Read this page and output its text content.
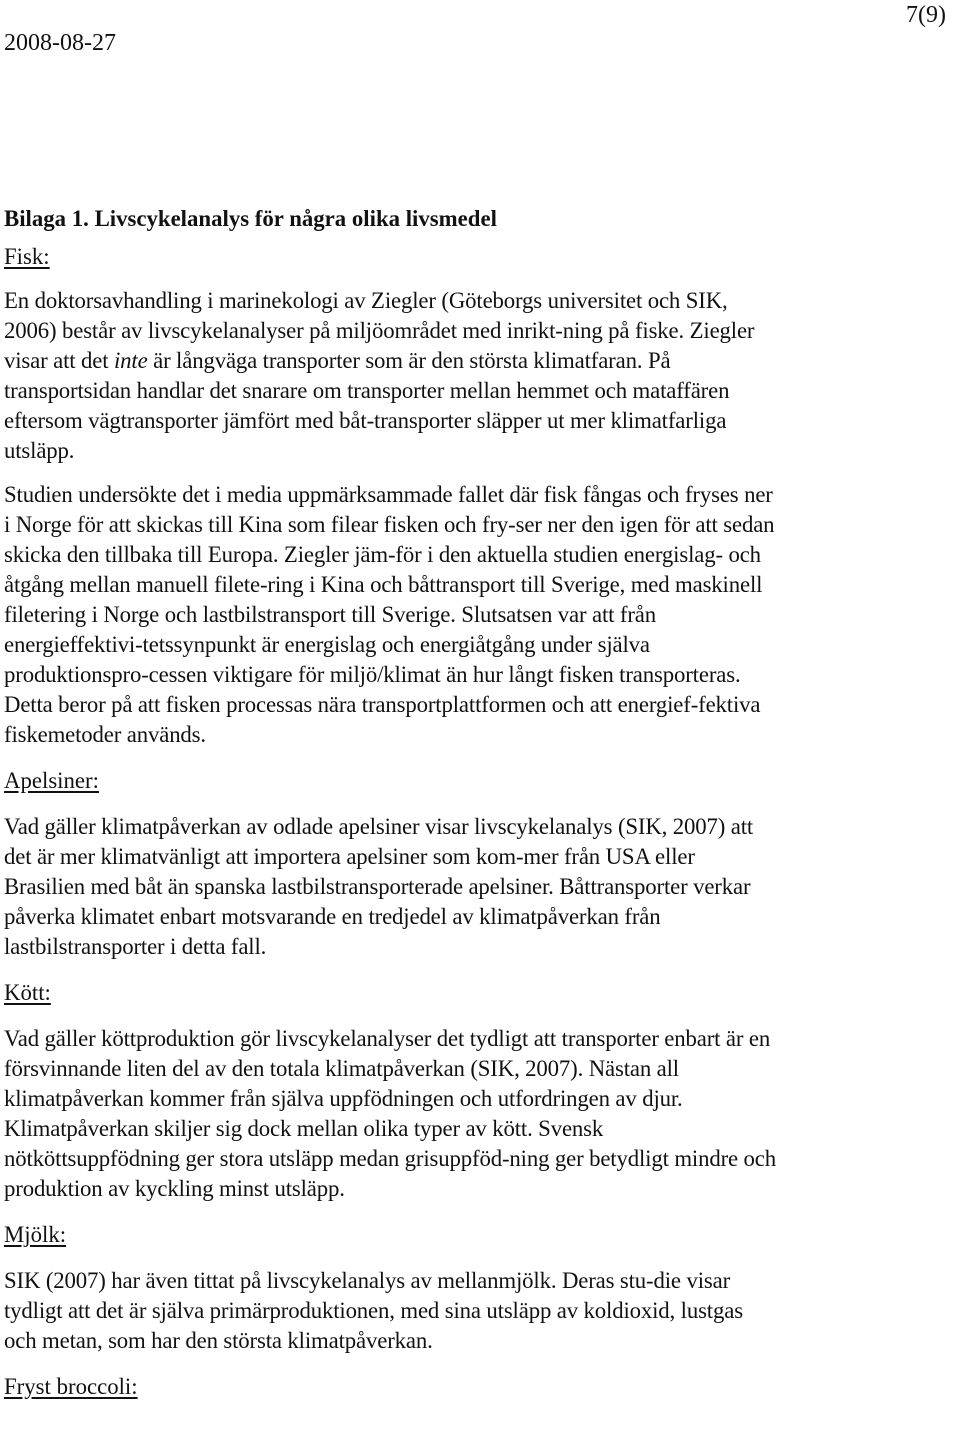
2008-08-27
7(9)

Bilaga 1. Livscykelanalys för några olika livsmedel

Fisk:

En doktorsavhandling i marinekologi av Ziegler (Göteborgs universitet och SIK, 2006) består av livscykelanalyser på miljöområdet med inrikt-ning på fiske. Ziegler visar att det inte är långväga transporter som är den största klimatfaran. På transportsidan handlar det snarare om transporter mellan hemmet och mataffären eftersom vägtransporter jämfört med båt-transporter släpper ut mer klimatfarliga utsläpp.

Studien undersökte det i media uppmärksammade fallet där fisk fångas och fryses ner i Norge för att skickas till Kina som filear fisken och fry-ser ner den igen för att sedan skicka den tillbaka till Europa. Ziegler jäm-för i den aktuella studien energislag- och åtgång mellan manuell filete-ring i Kina och båttransport till Sverige, med maskinell filetering i Norge och lastbilstransport till Sverige. Slutsatsen var att från energieffektivi-tetssynpunkt är energislag och energiåtgång under själva produktionspro-cessen viktigare för miljö/klimat än hur långt fisken transporteras. Detta beror på att fisken processas nära transportplattformen och att energief-fektiva fiskemetoder används.

Apelsiner:

Vad gäller klimatpåverkan av odlade apelsiner visar livscykelanalys (SIK, 2007) att det är mer klimatvänligt att importera apelsiner som kom-mer från USA eller Brasilien med båt än spanska lastbilstransporterade apelsiner. Båttransporter verkar påverka klimatet enbart motsvarande en tredjedel av klimatpåverkan från lastbilstransporter i detta fall.

Kött:

Vad gäller köttproduktion gör livscykelanalyser det tydligt att transporter enbart är en försvinnande liten del av den totala klimatpåverkan (SIK, 2007). Nästan all klimatpåverkan kommer från själva uppfödningen och utfordringen av djur. Klimatpåverkan skiljer sig dock mellan olika typer av kött. Svensk nötköttsuppfödning ger stora utsläpp medan grisuppföd-ning ger betydligt mindre och produktion av kyckling minst utsläpp.

Mjölk:

SIK (2007) har även tittat på livscykelanalys av mellanmjölk. Deras stu-die visar tydligt att det är själva primärproduktionen, med sina utsläpp av koldioxid, lustgas och metan, som har den största klimatpåverkan.

Fryst broccoli:
